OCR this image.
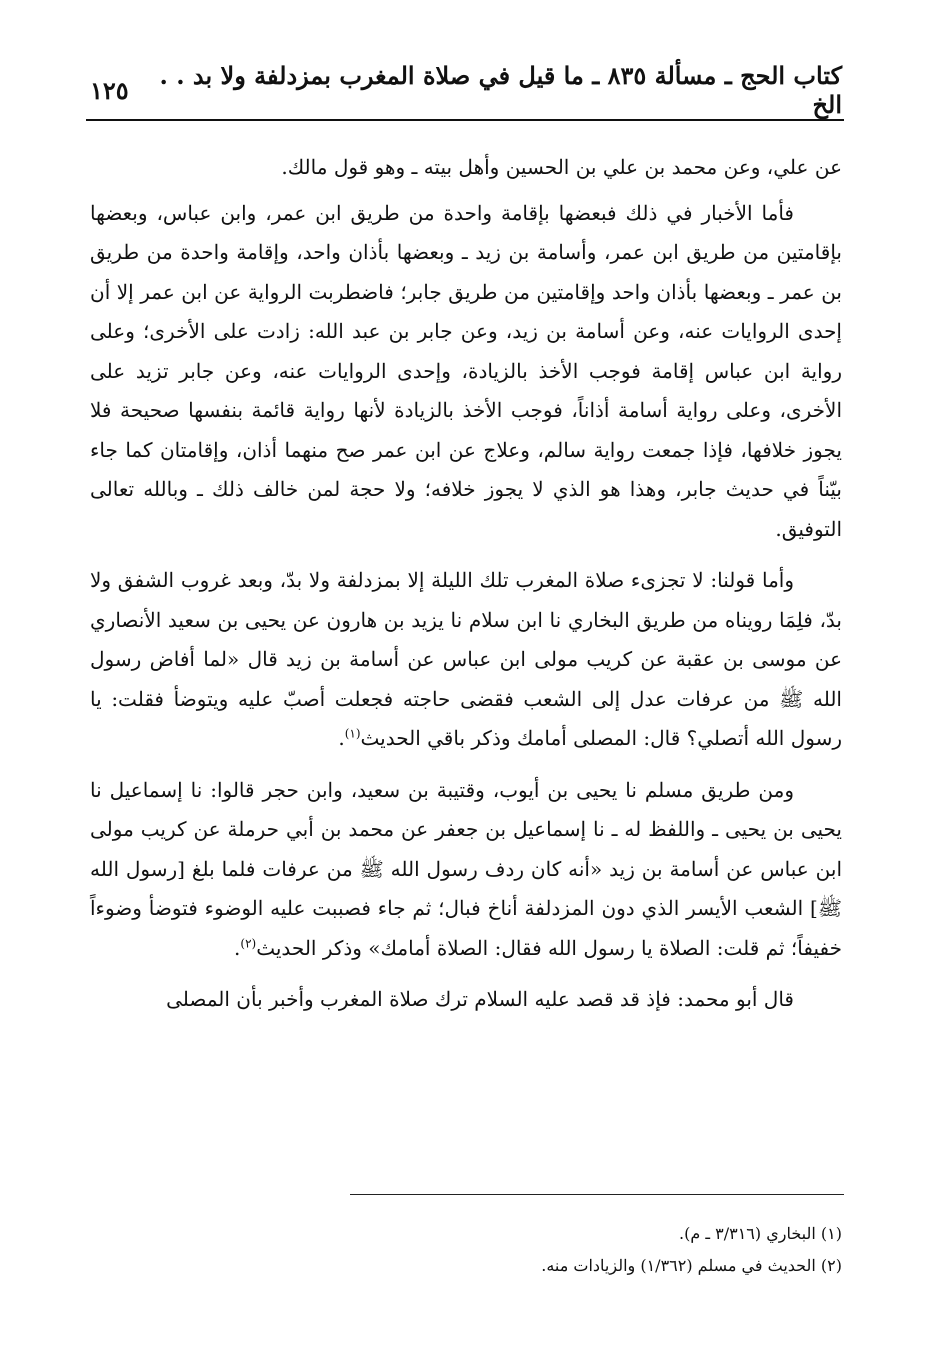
كتاب الحج ـ مسألة ٨٣٥ ـ ما قيل في صلاة المغرب بمزدلفة ولا بد . . الخ
١٢٥

عن علي، وعن محمد بن علي بن الحسين وأهل بيته ـ وهو قول مالك.

فأما الأخبار في ذلك فبعضها بإقامة واحدة من طريق ابن عمر، وابن عباس، وبعضها بإقامتين من طريق ابن عمر، وأسامة بن زيد ـ وبعضها بأذان واحد، وإقامة واحدة من طريق بن عمر ـ وبعضها بأذان واحد وإقامتين من طريق جابر؛ فاضطربت الرواية عن ابن عمر إلا أن إحدى الروايات عنه، وعن أسامة بن زيد، وعن جابر بن عبد الله: زادت على الأخرى؛ وعلى رواية ابن عباس إقامة فوجب الأخذ بالزيادة، وإحدى الروايات عنه، وعن جابر تزيد على الأخرى، وعلى رواية أسامة أذاناً، فوجب الأخذ بالزيادة لأنها رواية قائمة بنفسها صحيحة فلا يجوز خلافها، فإذا جمعت رواية سالم، وعلاج عن ابن عمر صح منهما أذان، وإقامتان كما جاء بيّناً في حديث جابر، وهذا هو الذي لا يجوز خلافه؛ ولا حجة لمن خالف ذلك ـ وبالله تعالى التوفيق.

وأما قولنا: لا تجزىء صلاة المغرب تلك الليلة إلا بمزدلفة ولا بدّ، وبعد غروب الشفق ولا بدّ، فلِمَا رويناه من طريق البخاري نا ابن سلام نا يزيد بن هارون عن يحيى بن سعيد الأنصاري عن موسى بن عقبة عن كريب مولى ابن عباس عن أسامة بن زيد قال «لما أفاض رسول الله ﷺ من عرفات عدل إلى الشعب فقضى حاجته فجعلت أصبّ عليه ويتوضأ فقلت: يا رسول الله أتصلي؟ قال: المصلى أمامك وذكر باقي الحديث$^{(١)}$.

ومن طريق مسلم نا يحيى بن أيوب، وقتيبة بن سعيد، وابن حجر قالوا: نا إسماعيل نا يحيى بن يحيى ـ واللفظ له ـ نا إسماعيل بن جعفر عن محمد بن أبي حرملة عن كريب مولى ابن عباس عن أسامة بن زيد «أنه كان ردف رسول الله ﷺ من عرفات فلما بلغ [رسول الله ﷺ] الشعب الأيسر الذي دون المزدلفة أناخ فبال؛ ثم جاء فصببت عليه الوضوء فتوضأ وضوءاً خفيفاً؛ ثم قلت: الصلاة يا رسول الله فقال: الصلاة أمامك» وذكر الحديث$^{(٢)}$.

قال أبو محمد: فإذ قد قصد عليه السلام ترك صلاة المغرب وأخبر بأن المصلى

(١) البخاري (٣/٣١٦ ـ م).

(٢) الحديث في مسلم (١/٣٦٢) والزيادات منه.
